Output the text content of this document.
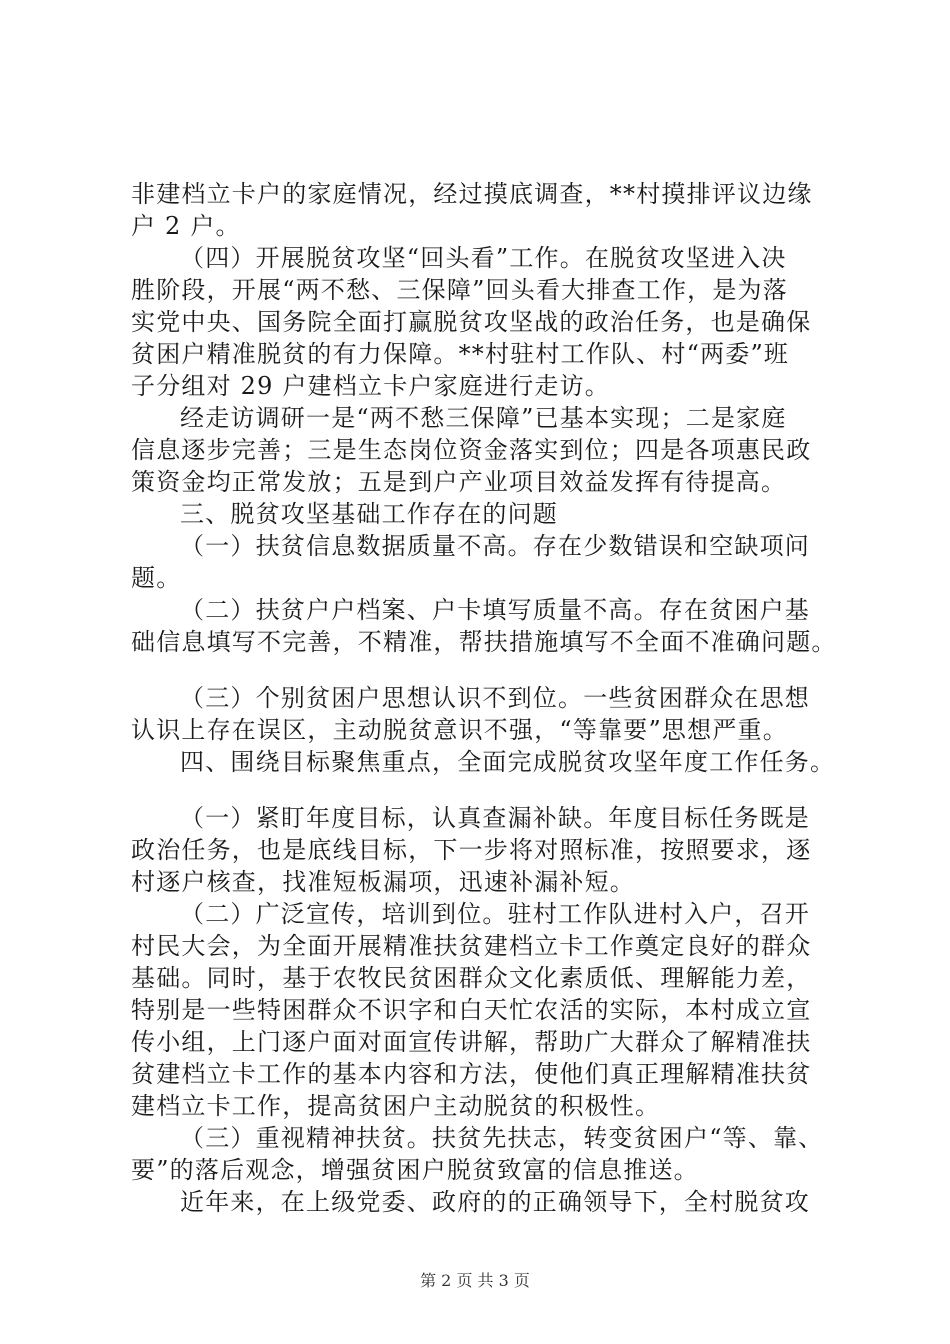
非建档立卡户的家庭情况，经过摸底调查，**村摸排评议边缘
户 2 户。
（四）开展脱贫攻坚“回头看”工作。在脱贫攻坚进入决
胜阶段，开展“两不愁、三保障”回头看大排查工作，是为落
实党中央、国务院全面打赢脱贫攻坚战的政治任务，也是确保
贫困户精准脱贫的有力保障。**村驻村工作队、村“两委”班
子分组对 29 户建档立卡户家庭进行走访。
经走访调研一是“两不愁三保障”已基本实现；二是家庭
信息逐步完善；三是生态岗位资金落实到位；四是各项惠民政
策资金均正常发放；五是到户产业项目效益发挥有待提高。
三、脱贫攻坚基础工作存在的问题
（一）扶贫信息数据质量不高。存在少数错误和空缺项问
题。
（二）扶贫户户档案、户卡填写质量不高。存在贫困户基
础信息填写不完善，不精准，帮扶措施填写不全面不准确问题。
（三）个别贫困户思想认识不到位。一些贫困群众在思想
认识上存在误区，主动脱贫意识不强，“等靠要”思想严重。
四、围绕目标聚焦重点，全面完成脱贫攻坚年度工作任务。
（一）紧盯年度目标，认真查漏补缺。年度目标任务既是
政治任务，也是底线目标，下一步将对照标准，按照要求，逐
村逐户核查，找准短板漏项，迅速补漏补短。
（二）广泛宣传，培训到位。驻村工作队进村入户，召开
村民大会，为全面开展精准扶贫建档立卡工作奠定良好的群众
基础。同时，基于农牧民贫困群众文化素质低、理解能力差，
特别是一些特困群众不识字和白天忙农活的实际，本村成立宣
传小组，上门逐户面对面宣传讲解，帮助广大群众了解精准扶
贫建档立卡工作的基本内容和方法，使他们真正理解精准扶贫
建档立卡工作，提高贫困户主动脱贫的积极性。
（三）重视精神扶贫。扶贫先扶志，转变贫困户“等、靠、
要”的落后观念，增强贫困户脱贫致富的信息推送。
近年来，在上级党委、政府的的正确领导下，全村脱贫攻
第 2 页 共 3 页
